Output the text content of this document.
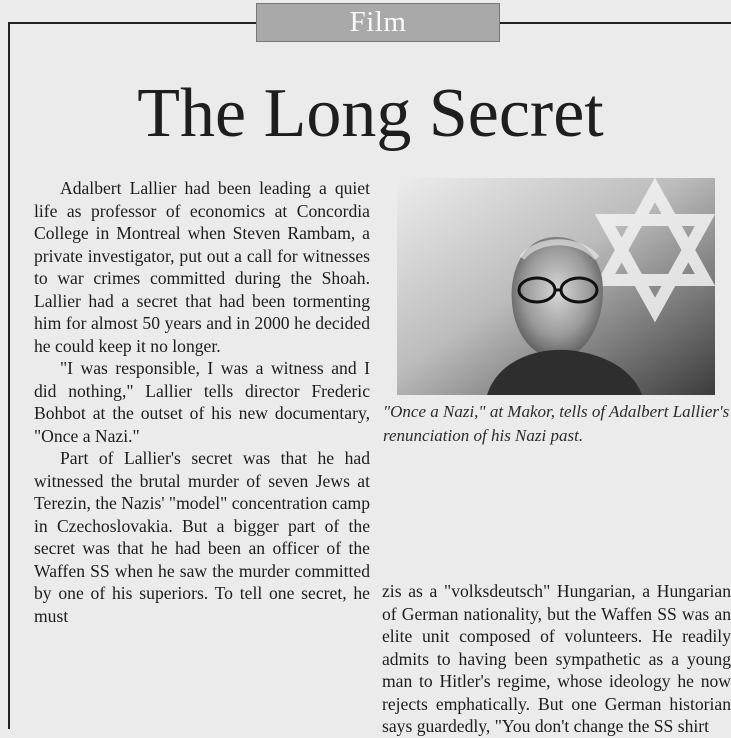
Film
The Long Secret

Adalbert Lallier had been leading a quiet life as professor of economics at Concordia College in Montreal when Steven Rambam, a private investigator, put out a call for witnesses to war crimes committed during the Shoah. Lallier had a secret that had been tormenting him for almost 50 years and in 2000 he decided he could keep it no longer.

"I was responsible, I was a witness and I did nothing," Lallier tells director Frederic Bohbot at the outset of his new documentary, "Once a Nazi."

Part of Lallier's secret was that he had witnessed the brutal murder of seven Jews at Terezin, the Nazis' "model" concentration camp in Czechoslovakia. But a bigger part of the secret was that he had been an officer of the Waffen SS when he saw the murder committed by one of his superiors. To tell one secret, he must

"Once a Nazi," at Makor, tells of Adalbert Lallier's renunciation of his Nazi past.

zis as a "volksdeutsch" Hungarian, a Hungarian of German nationality, but the Waffen SS was an elite unit composed of volunteers. He readily admits to having been sympathetic as a young man to Hitler's regime, whose ideology he now rejects emphatically. But one German historian says guardedly, "You don't change the SS shirt
